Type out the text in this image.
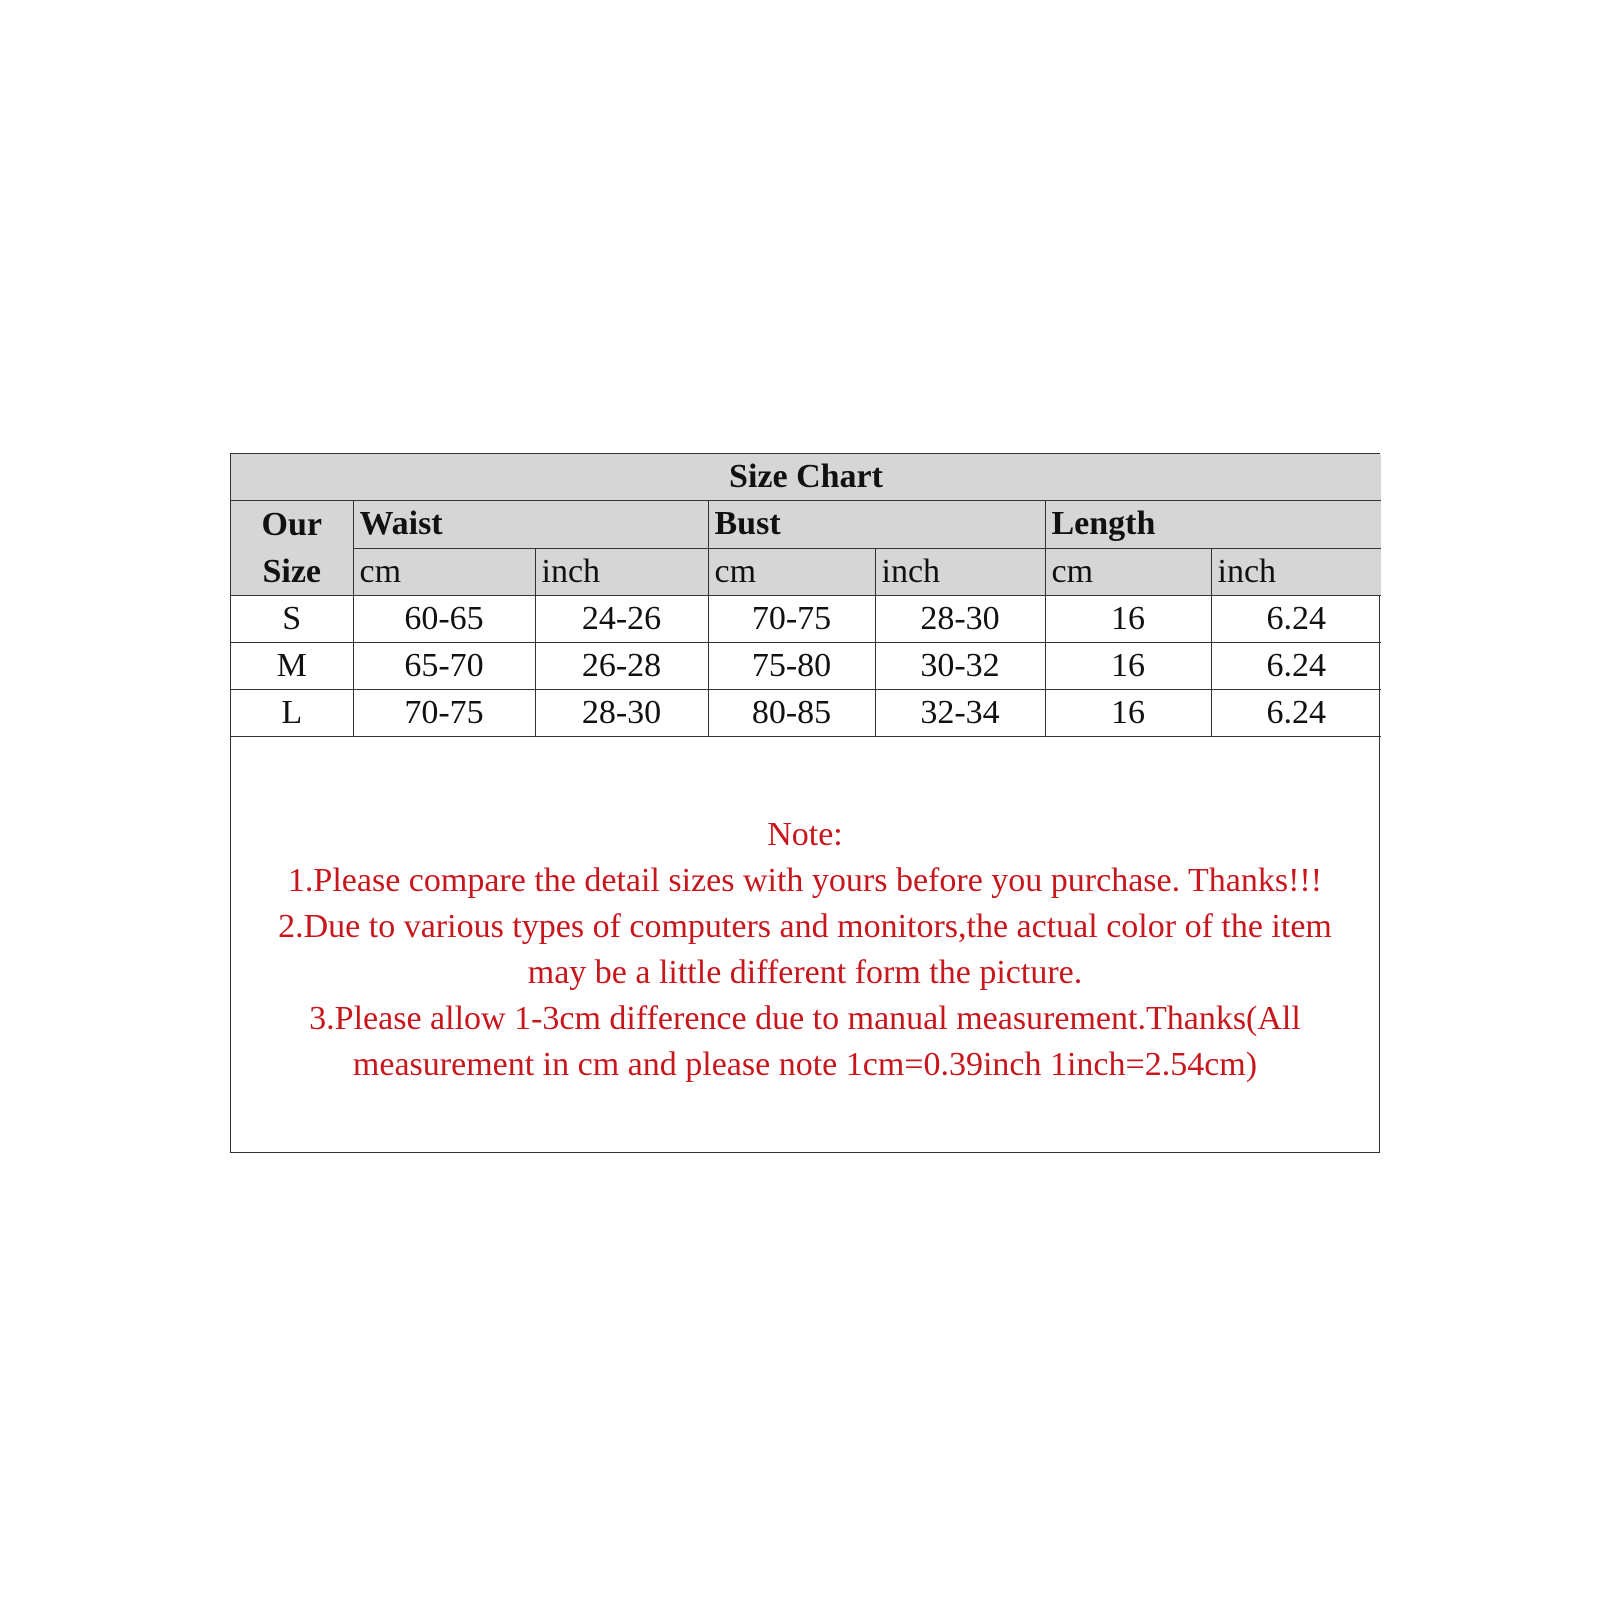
Size Chart						

Our
Size	Waist		Bust		Length	
	cm	inch	cm	inch	cm	inch
S	60-65	24-26	70-75	28-30	16	6.24
M	65-70	26-28	75-80	30-32	16	6.24
L	70-75	28-30	80-85	32-34	16	6.24
Note:
1.Please compare the detail sizes with yours before you purchase. Thanks!!!
2.Due to various types of computers and monitors,the actual color of the item
may be a little different form the picture.
3.Please allow 1-3cm difference due to manual measurement.Thanks(All
measurement in cm and please note 1cm=0.39inch 1inch=2.54cm)
